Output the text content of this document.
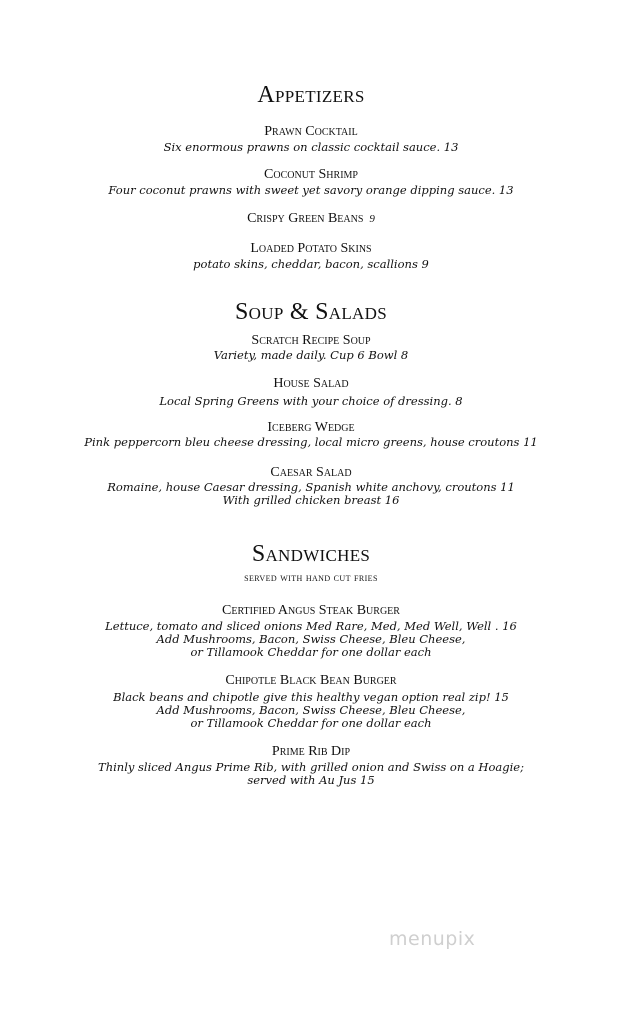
Appetizers
Prawn Cocktail
Six enormous prawns on classic cocktail sauce. 13
Coconut Shrimp
Four coconut prawns with sweet yet savory orange dipping sauce. 13
Crispy Green Beans 9
Loaded Potato Skins
potato skins, cheddar, bacon, scallions 9
Soup & Salads
Scratch Recipe Soup
Variety, made daily. Cup 6 Bowl 8
House Salad
Local Spring Greens with your choice of dressing. 8
Iceberg Wedge
Pink peppercorn bleu cheese dressing, local micro greens, house croutons 11
Caesar Salad
Romaine, house Caesar dressing, Spanish white anchovy, croutons 11
With grilled chicken breast 16
Sandwiches
served with hand cut fries
Certified Angus Steak Burger
Lettuce, tomato and sliced onions Med Rare, Med, Med Well, Well . 16
Add Mushrooms, Bacon, Swiss Cheese, Bleu Cheese,
or Tillamook Cheddar for one dollar each
Chipotle Black Bean Burger
Black beans and chipotle give this healthy vegan option real zip! 15
Add Mushrooms, Bacon, Swiss Cheese, Bleu Cheese,
or Tillamook Cheddar for one dollar each
Prime Rib Dip
Thinly sliced Angus Prime Rib, with grilled onion and Swiss on a Hoagie;
served with Au Jus 15
menupix
